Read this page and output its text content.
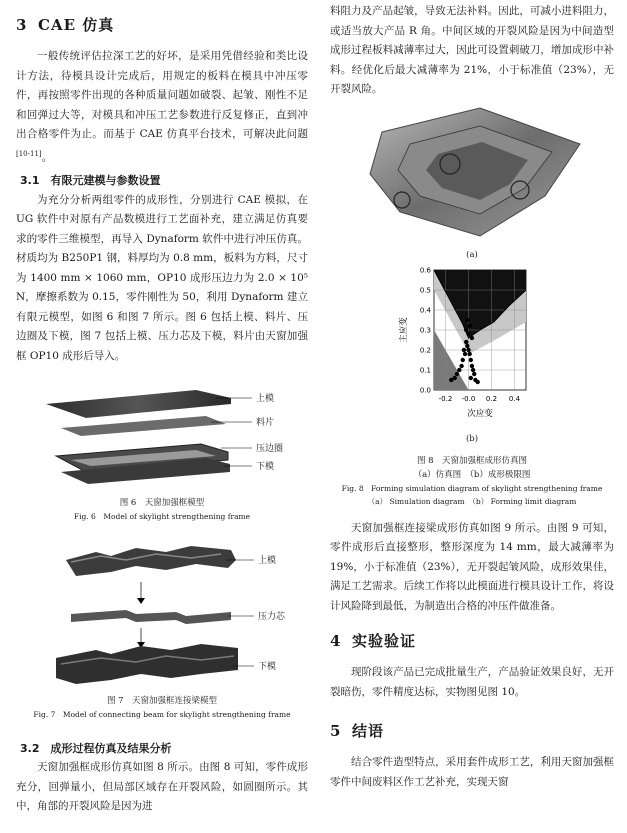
3 CAE 仿真

一般传统评估拉深工艺的好坏，是采用凭借经验和类比设计方法，待模具设计完成后，用规定的板料在模具中冲压零件，再按照零件出现的各种质量问题如破裂、起皱、刚性不足和回弹过大等，对模具和冲压工艺参数进行反复修正，直到冲出合格零件为止。而基于 CAE 仿真平台技术，可解决此问题[10-11]。

3.1　有限元建模与参数设置

为充分分析两组零件的成形性，分别进行 CAE 模拟，在 UG 软件中对原有产品数模进行工艺面补充，建立满足仿真要求的零件三维模型，再导入 Dynaform 软件中进行冲压仿真。材质均为 B250P1 钢，料厚均为 0.8 mm，板料为方料，尺寸为 1400 mm × 1060 mm，OP10 成形压边力为 2.0 × 10⁵ N，摩擦系数为 0.15，零件刚性为 50，利用 Dynaform 建立有限元模型，如图 6 和图 7 所示。图 6 包括上模、料片、压边圈及下模，图 7 包括上模、压力芯及下模，料片由天窗加强框 OP10 成形后导入。

上模
料片
压边圈
下模

图 6　天窗加强框模型

Fig. 6　Model of skylight strengthening frame

上模
压力芯
下模

图 7　天窗加强框连接梁模型

Fig. 7　Model of connecting beam for skylight strengthening frame

3.2　成形过程仿真及结果分析

天窗加强框成形仿真如图 8 所示。由图 8 可知，零件成形充分，回弹量小，但局部区域存在开裂风险，如圆圈所示。其中，角部的开裂风险是因为进

料阻力及产品起皱，导致无法补料。因此，可减小进料阻力，或适当放大产品 R 角。中间区域的开裂风险是因为中间造型成形过程板料减薄率过大，因此可设置刺破刀，增加成形中补料。经优化后最大减薄率为 21%，小于标准值（23%），无开裂风险。

(a)

-0.2 -0.0 0.2 0.4
0.0
0.1
0.2
0.3
0.4
0.5
0.6
次应变
主应变

(b)

图 8　天窗加强框成形仿真图

（a）仿真图　（b）成形极限图

Fig. 8　Forming simulation diagram of skylight strengthening frame

（a） Simulation diagram　（b） Forming limit diagram

天窗加强框连接梁成形仿真如图 9 所示。由图 9 可知，零件成形后直接整形，整形深度为 14 mm，最大减薄率为 19%，小于标准值（23%），无开裂起皱风险，成形效果佳，满足工艺需求。后续工作将以此模面进行模具设计工作，将设计风险降到最低，为制造出合格的冲压件做准备。

4 实验验证

现阶段该产品已完成批量生产，产品验证效果良好，无开裂暗伤，零件精度达标，实物图见图 10。

5 结语

结合零件造型特点，采用套件成形工艺，利用天窗加强框零件中间废料区作工艺补充，实现天窗
